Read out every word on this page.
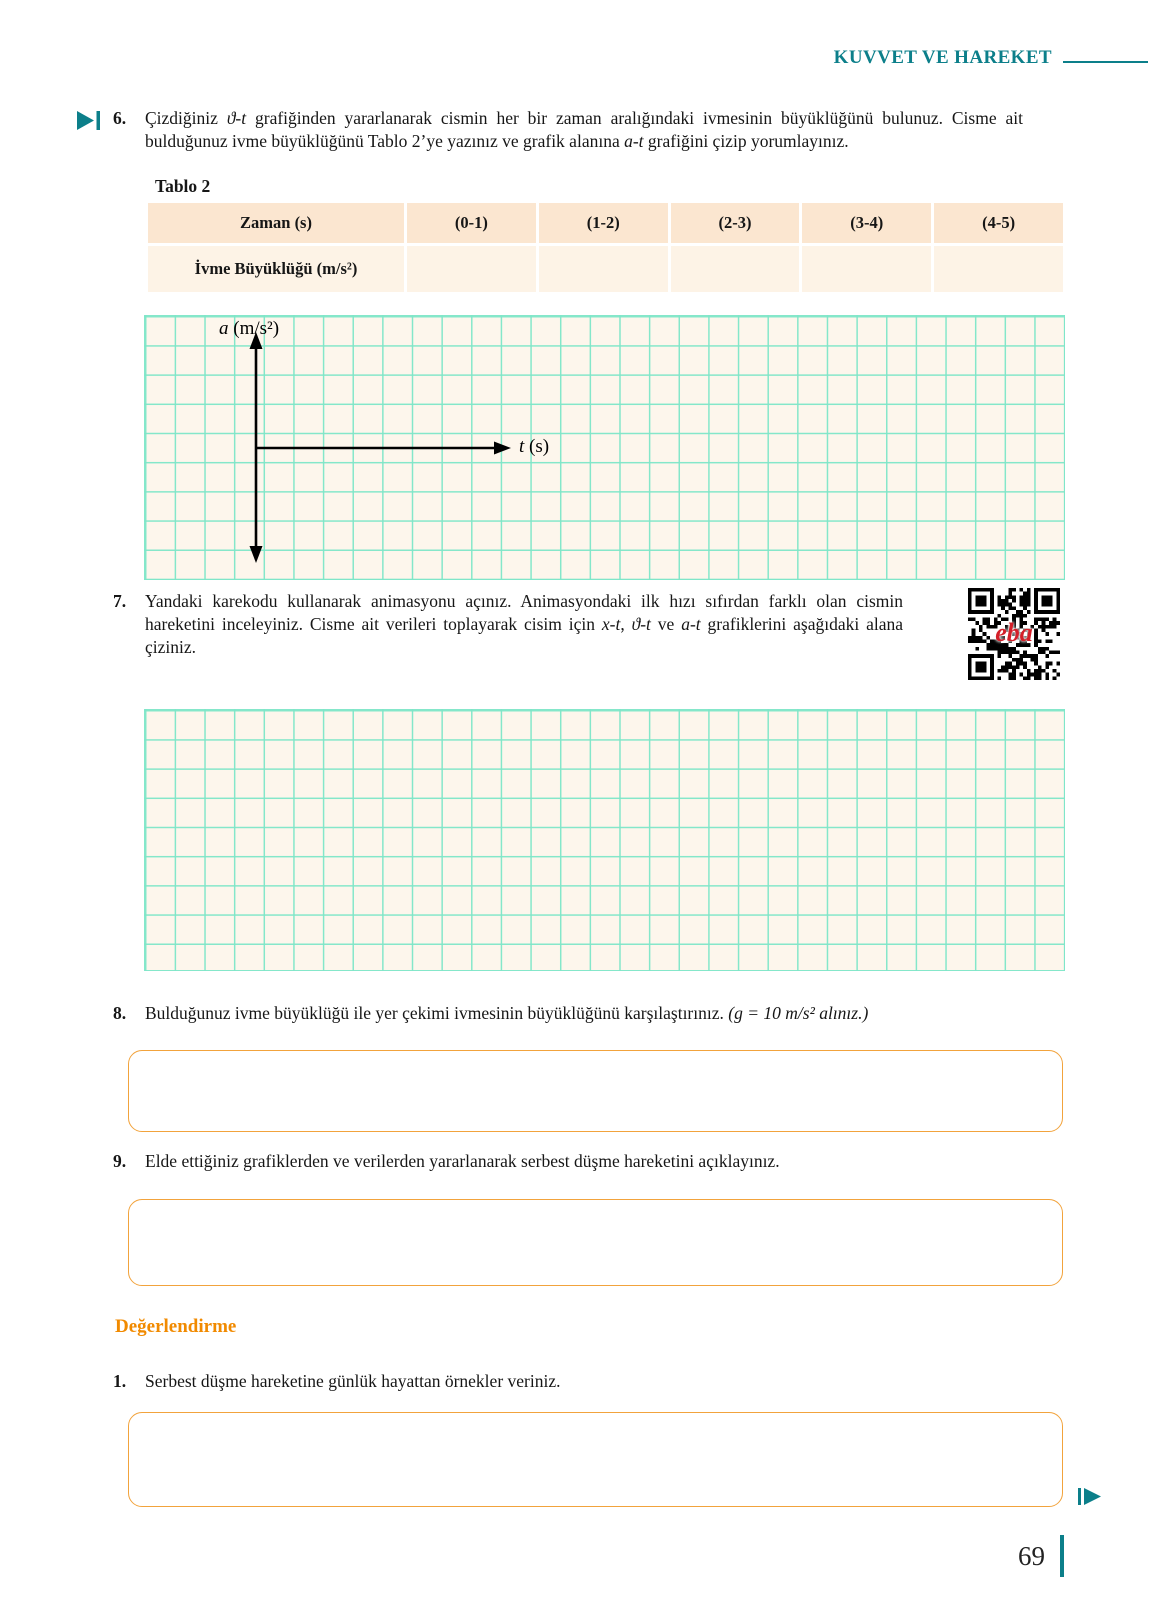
KUVVET VE HAREKET
6.	Çizdiğiniz ϑ-t grafiğinden yararlanarak cismin her bir zaman aralığındaki ivmesinin büyüklüğünü bulunuz. Cisme ait bulduğunuz ivme büyüklüğünü Tablo 2’ye yazınız ve grafik alanına a-t grafiğini çizip yorumlayınız.
Tablo 2
Zaman (s)	(0-1)	(1-2)	(2-3)	(3-4)	(4-5)
İvme Büyüklüğü (m/s²)
a (m/s²)
t (s)
7.	Yandaki karekodu kullanarak animasyonu açınız. Animasyondaki ilk hızı sıfırdan farklı olan cismin hareketini inceleyiniz. Cisme ait verileri toplayarak cisim için x-t, ϑ-t ve a-t grafiklerini aşağıdaki alana çiziniz.
eba
8.	Bulduğunuz ivme büyüklüğü ile yer çekimi ivmesinin büyüklüğünü karşılaştırınız. (g = 10 m/s² alınız.)
9.	Elde ettiğiniz grafiklerden ve verilerden yararlanarak serbest düşme hareketini açıklayınız.
Değerlendirme
1.	Serbest düşme hareketine günlük hayattan örnekler veriniz.
69
